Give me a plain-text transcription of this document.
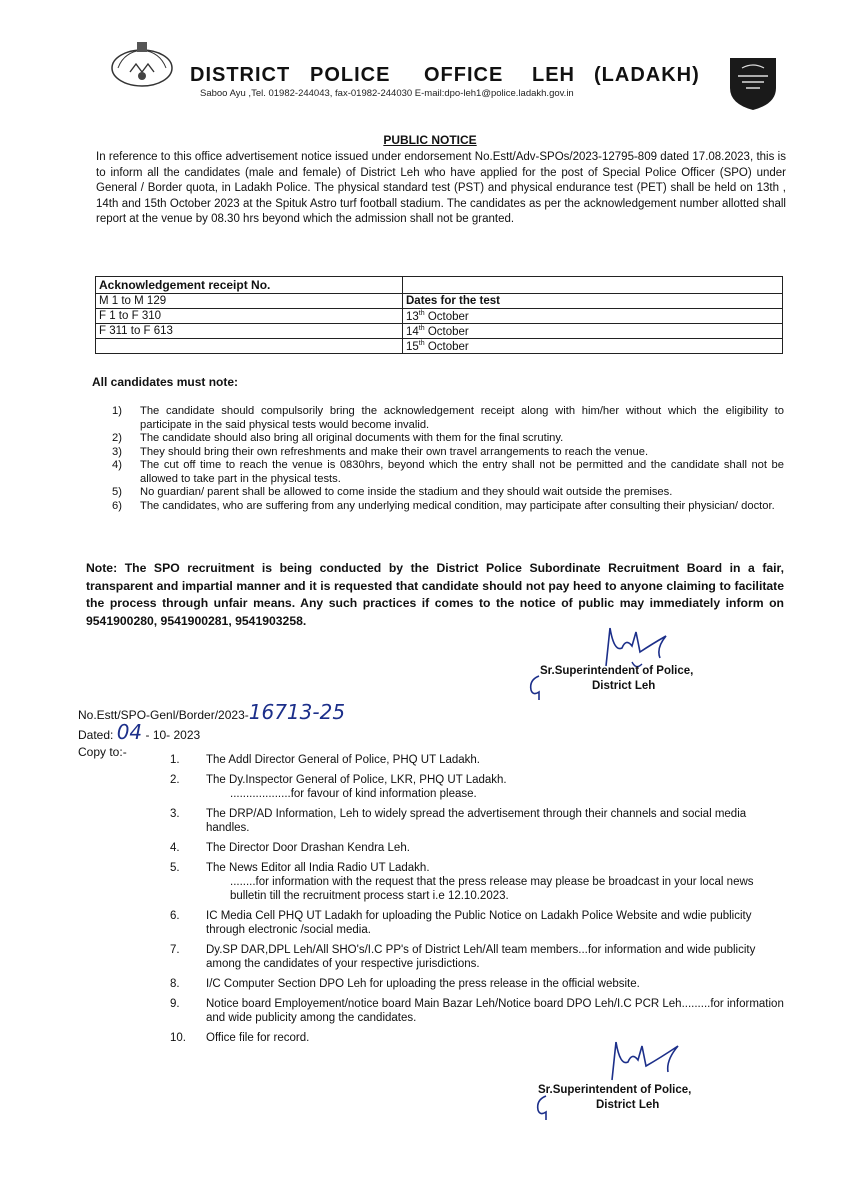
DISTRICT POLICE OFFICE LEH (LADAKH)
Saboo Ayu ,Tel. 01982-244043, fax-01982-244030 E-mail:dpo-leh1@police.ladakh.gov.in
PUBLIC NOTICE
In reference to this office advertisement notice issued under endorsement No.Estt/Adv-SPOs/2023-12795-809 dated 17.08.2023, this is to inform all the candidates (male and female) of District Leh who have applied for the post of Special Police Officer (SPO) under General / Border quota, in Ladakh Police. The physical standard test (PST) and physical endurance test (PET) shall be held on 13th , 14th and 15th October 2023 at the Spituk Astro turf football stadium. The candidates as per the acknowledgement number allotted shall report at the venue by 08.30 hrs beyond which the admission shall not be granted.
Acknowledgement receipt No.	
M 1 to M 129	Dates for the test
F 1 to F 310	13th October
F 311 to F 613	14th October
	15th October
All candidates must note:
1)	The candidate should compulsorily bring the acknowledgement receipt along with him/her without which the eligibility to participate in the said physical tests would become invalid.
2)	The candidate should also bring all original documents with them for the final scrutiny.
3)	They should bring their own refreshments and make their own travel arrangements to reach the venue.
4)	The cut off time to reach the venue is 0830hrs, beyond which the entry shall not be permitted and the candidate shall not be allowed to take part in the physical tests.
5)	No guardian/ parent shall be allowed to come inside the stadium and they should wait outside the premises.
6)	The candidates, who are suffering from any underlying medical condition, may participate after consulting their physician/ doctor.
Note: The SPO recruitment is being conducted by the District Police Subordinate Recruitment Board in a fair, transparent and impartial manner and it is requested that candidate should not pay heed to anyone claiming to facilitate the process through unfair means. Any such practices if comes to the notice of public may immediately inform on 9541900280, 9541900281, 9541903258.
Sr.Superintendent of Police,
District Leh
No.Estt/SPO-Genl/Border/2023-16713-25
Dated: 04 - 10- 2023
Copy to:-
1.	The Addl Director General of Police, PHQ UT Ladakh.
2.	The Dy.Inspector General of Police, LKR, PHQ UT Ladakh.
...................for favour of kind information please.
3.	The DRP/AD Information, Leh to widely spread the advertisement through their channels and social media handles.
4.	The Director Door Drashan Kendra Leh.
5.	The News Editor all India Radio UT Ladakh.
........for information with the request that the press release may please be broadcast in your local news bulletin till the recruitment process start i.e 12.10.2023.
6.	IC Media Cell PHQ UT Ladakh for uploading the Public Notice on Ladakh Police Website and wdie publicity through electronic /social media.
7.	Dy.SP DAR,DPL Leh/All SHO's/I.C PP's of District Leh/All team members...for information and wide publicity among the candidates of your respective jurisdictions.
8.	I/C Computer Section DPO Leh for uploading the press release in the official website.
9.	Notice board Employement/notice board Main Bazar Leh/Notice board DPO Leh/I.C PCR Leh.........for information and wide publicity among the candidates.
10.	Office file for record.
Sr.Superintendent of Police,
District Leh
